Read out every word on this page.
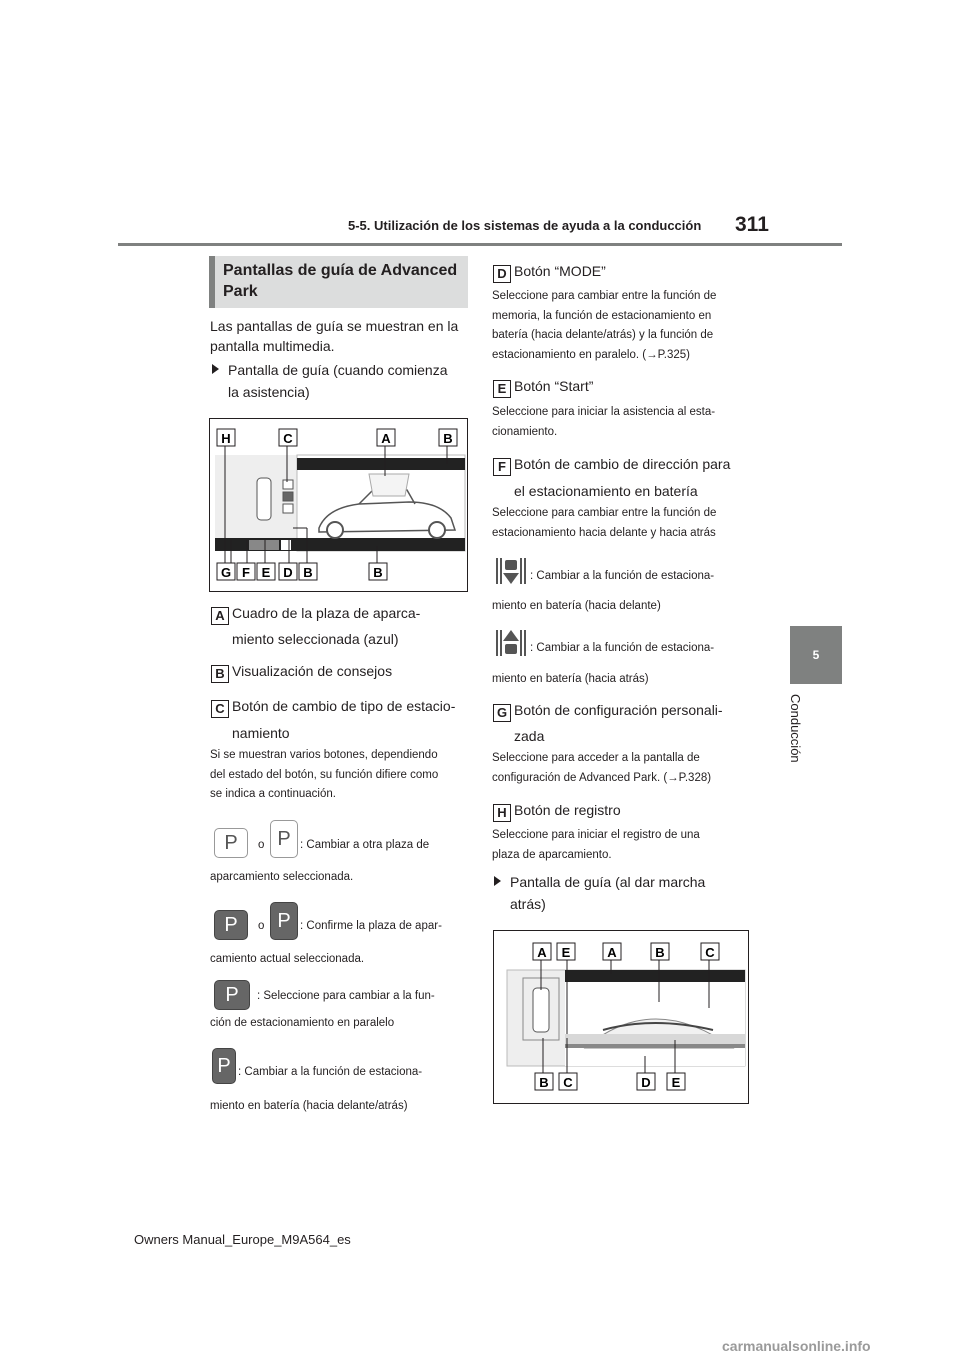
5-5. Utilización de los sistemas de ayuda a la conducción 311
5
Conducción
Pantallas de guía de Advanced Park
Las pantallas de guía se muestran en la pantalla multimedia.
Pantalla de guía (cuando comienza
la asistencia)
H	C	A	B
G F E D B	B
A Cuadro de la plaza de aparca-
miento seleccionada (azul)
B Visualización de consejos
C Botón de cambio de tipo de estacio-
namiento
Si se muestran varios botones, dependiendo
del estado del botón, su función difiere como
se indica a continuación.
P	o P : Cambiar a otra plaza de
aparcamiento seleccionada.
P	o P : Confirme la plaza de apar-
camiento actual seleccionada.
P	: Seleccione para cambiar a la fun-
ción de estacionamiento en paralelo
P : Cambiar a la función de estaciona-
miento en batería (hacia delante/atrás)
D Botón “MODE”
Seleccione para cambiar entre la función de
memoria, la función de estacionamiento en
batería (hacia delante/atrás) y la función de
estacionamiento en paralelo. (→P.325)
E Botón “Start”
Seleccione para iniciar la asistencia al esta-
cionamiento.
F Botón de cambio de dirección para
el estacionamiento en batería
Seleccione para cambiar entre la función de
estacionamiento hacia delante y hacia atrás
: Cambiar a la función de estaciona-
miento en batería (hacia delante)
: Cambiar a la función de estaciona-
miento en batería (hacia atrás)
G Botón de configuración personali-
zada
Seleccione para acceder a la pantalla de
configuración de Advanced Park. (→P.328)
H Botón de registro
Seleccione para iniciar el registro de una
plaza de aparcamiento.
Pantalla de guía (al dar marcha
atrás)
A E	A	B	C
B C	D E
Owners Manual_Europe_M9A564_es
carmanualsonline.info
